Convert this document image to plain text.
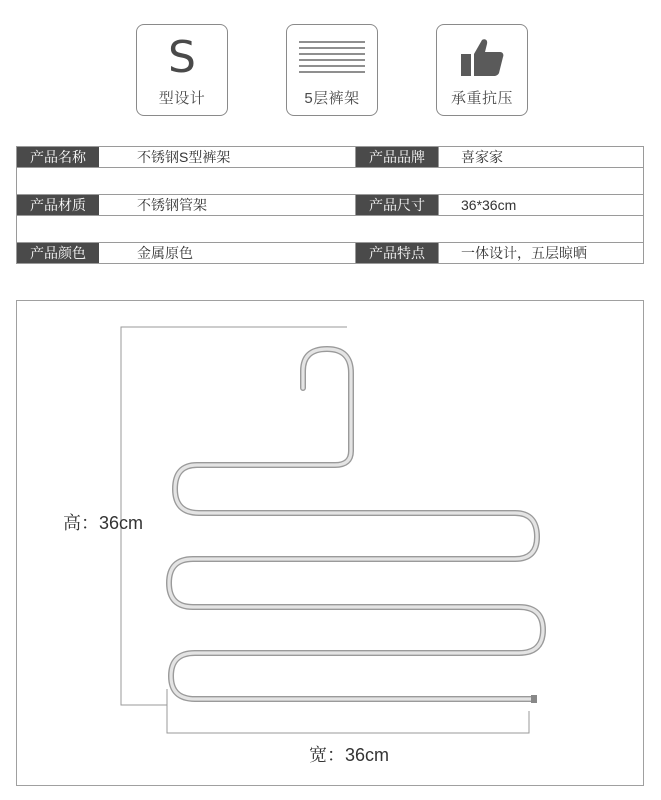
S
型设计	5层裤架	承重抗压
产品名称	不锈钢S型裤架	产品品牌	喜家家
产品材质	不锈钢管架	产品尺寸	36*36cm
产品颜色	金属原色	产品特点	一体设计，五层晾晒
高：36cm
宽：36cm
